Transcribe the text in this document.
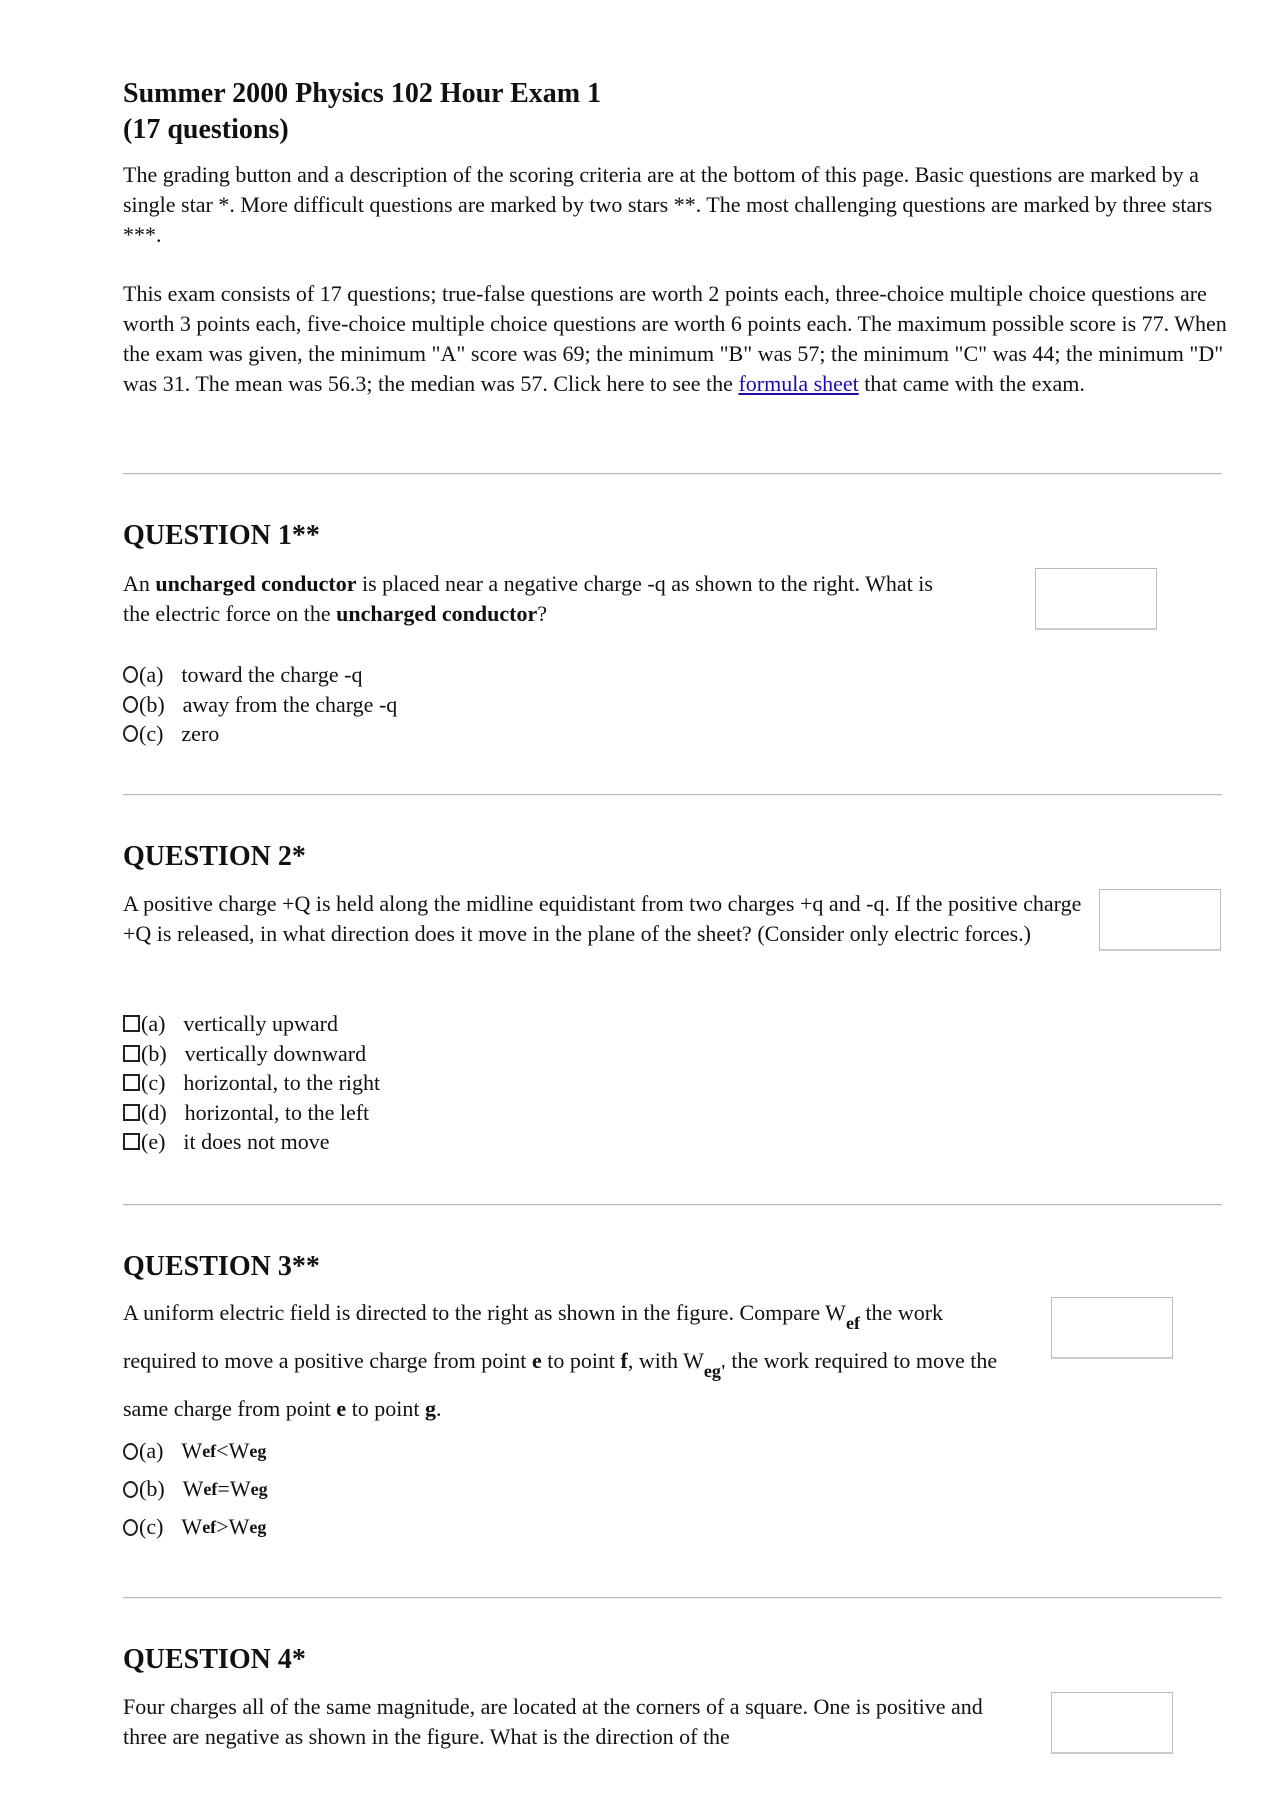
Summer 2000 Physics 102 Hour Exam 1
(17 questions)
The grading button and a description of the scoring criteria are at the bottom of this page. Basic questions are marked by a single star *. More difficult questions are marked by two stars **. The most challenging questions are marked by three stars ***.
This exam consists of 17 questions; true-false questions are worth 2 points each, three-choice multiple choice questions are worth 3 points each, five-choice multiple choice questions are worth 6 points each. The maximum possible score is 77. When the exam was given, the minimum "A" score was 69; the minimum "B" was 57; the minimum "C" was 44; the minimum "D" was 31. The mean was 56.3; the median was 57. Click here to see the formula sheet that came with the exam.
QUESTION 1**
An uncharged conductor is placed near a negative charge -q as shown to the right. What is the electric force on the uncharged conductor?
(a) toward the charge -q
(b) away from the charge -q
(c) zero
QUESTION 2*
A positive charge +Q is held along the midline equidistant from two charges +q and -q. If the positive charge +Q is released, in what direction does it move in the plane of the sheet? (Consider only electric forces.)
(a) vertically upward
(b) vertically downward
(c) horizontal, to the right
(d) horizontal, to the left
(e) it does not move
QUESTION 3**
A uniform electric field is directed to the right as shown in the figure. Compare $W_{ef}$ the work required to move a positive charge from point e to point f, with $W_{eg'}$ the work required to move the same charge from point e to point g.
(a) W ef < W eg
(b) W ef = W eg
(c) W ef > W eg
QUESTION 4*
Four charges all of the same magnitude, are located at the corners of a square. One is positive and three are negative as shown in the figure. What is the direction of the
